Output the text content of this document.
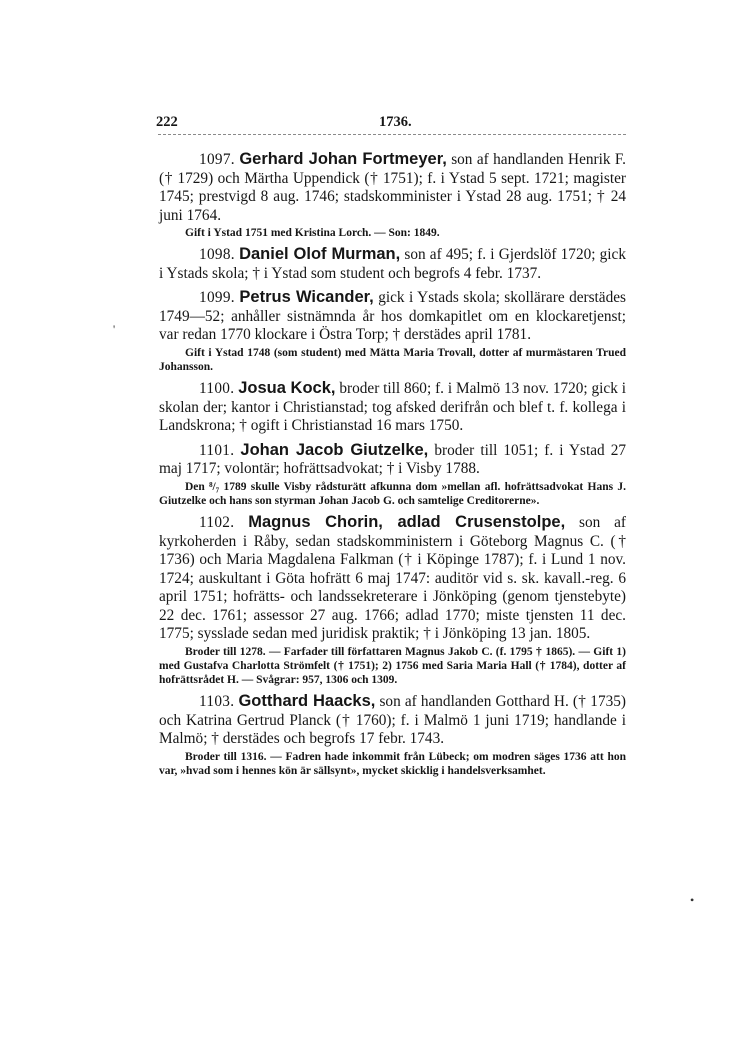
222	1736.
'
•

1097. Gerhard Johan Fortmeyer, son af handlanden Henrik F. († 1729) och Märtha Uppendick († 1751); f. i Ystad 5 sept. 1721; magister 1745; prestvigd 8 aug. 1746; stadskomminister i Ystad 28 aug. 1751; † 24 juni 1764.

Gift i Ystad 1751 med Kristina Lorch. — Son: 1849.

1098. Daniel Olof Murman, son af 495; f. i Gjerdslöf 1720; gick i Ystads skola; † i Ystad som student och begrofs 4 febr. 1737.

1099. Petrus Wicander, gick i Ystads skola; skollärare derstädes 1749—52; anhåller sistnämnda år hos domkapitlet om en klockaretjenst; var redan 1770 klockare i Östra Torp; † derstädes april 1781.

Gift i Ystad 1748 (som student) med Mätta Maria Trovall, dotter af murmästaren Trued Johansson.

1100. Josua Kock, broder till 860; f. i Malmö 13 nov. 1720; gick i skolan der; kantor i Christianstad; tog afsked derifrån och blef t. f. kollega i Landskrona; † ogift i Christianstad 16 mars 1750.

1101. Johan Jacob Giutzelke, broder till 1051; f. i Ystad 27 maj 1717; volontär; hofrättsadvokat; † i Visby 1788.

Den ⁸/₇ 1789 skulle Visby rådsturätt afkunna dom »mellan afl. hofrättsadvokat Hans J. Giutzelke och hans son styrman Johan Jacob G. och samtelige Creditorerne».

1102. Magnus Chorin, adlad Crusenstolpe, son af kyrkoherden i Råby, sedan stadskomministern i Göteborg Magnus C. († 1736) och Maria Magdalena Falkman († i Köpinge 1787); f. i Lund 1 nov. 1724; auskultant i Göta hofrätt 6 maj 1747: auditör vid s. sk. kavall.-reg. 6 april 1751; hofrätts- och landssekreterare i Jönköping (genom tjenstebyte) 22 dec. 1761; assessor 27 aug. 1766; adlad 1770; miste tjensten 11 dec. 1775; sysslade sedan med juridisk praktik; † i Jönköping 13 jan. 1805.

Broder till 1278. — Farfader till författaren Magnus Jakob C. (f. 1795 † 1865). — Gift 1) med Gustafva Charlotta Strömfelt († 1751); 2) 1756 med Saria Maria Hall († 1784), dotter af hofrättsrådet H. — Svågrar: 957, 1306 och 1309.

1103. Gotthard Haacks, son af handlanden Gotthard H. († 1735) och Katrina Gertrud Planck († 1760); f. i Malmö 1 juni 1719; handlande i Malmö; † derstädes och begrofs 17 febr. 1743.

Broder till 1316. — Fadren hade inkommit från Lübeck; om modren säges 1736 att hon var, »hvad som i hennes kön är sällsynt», mycket skicklig i handelsverksamhet.
